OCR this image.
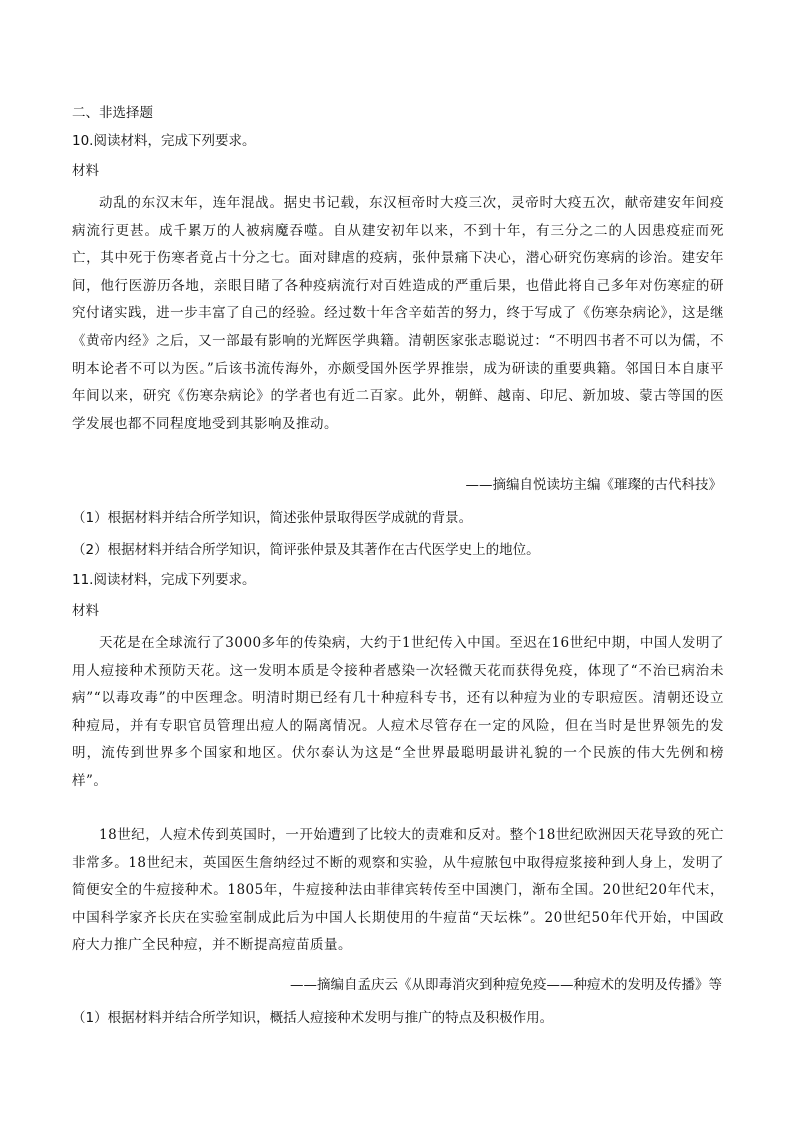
二、非选择题
10.阅读材料，完成下列要求。
材料
动乱的东汉末年，连年混战。据史书记载，东汉桓帝时大疫三次，灵帝时大疫五次，献帝建安年间疫病流行更甚。成千累万的人被病魔吞噬。自从建安初年以来，不到十年，有三分之二的人因患疫症而死亡，其中死于伤寒者竟占十分之七。面对肆虐的疫病，张仲景痛下决心，潜心研究伤寒病的诊治。建安年间，他行医游历各地，亲眼目睹了各种疫病流行对百姓造成的严重后果，也借此将自己多年对伤寒症的研究付诸实践，进一步丰富了自己的经验。经过数十年含辛茹苦的努力，终于写成了《伤寒杂病论》，这是继《黄帝内经》之后，又一部最有影响的光辉医学典籍。清朝医家张志聪说过：“不明四书者不可以为儒，不明本论者不可以为医。”后该书流传海外，亦颇受国外医学界推崇，成为研读的重要典籍。邻国日本自康平年间以来，研究《伤寒杂病论》的学者也有近二百家。此外，朝鲜、越南、印尼、新加坡、蒙古等国的医学发展也都不同程度地受到其影响及推动。
——摘编自悦读坊主编《璀璨的古代科技》
（1）根据材料并结合所学知识，简述张仲景取得医学成就的背景。
（2）根据材料并结合所学知识，简评张仲景及其著作在古代医学史上的地位。
11.阅读材料，完成下列要求。
材料
天花是在全球流行了3000多年的传染病，大约于1世纪传入中国。至迟在16世纪中期，中国人发明了用人痘接种术预防天花。这一发明本质是令接种者感染一次轻微天花而获得免疫，体现了“不治已病治未病”“以毒攻毒”的中医理念。明清时期已经有几十种痘科专书，还有以种痘为业的专职痘医。清朝还设立种痘局，并有专职官员管理出痘人的隔离情况。人痘术尽管存在一定的风险，但在当时是世界领先的发明，流传到世界多个国家和地区。伏尔泰认为这是“全世界最聪明最讲礼貌的一个民族的伟大先例和榜样”。
18世纪，人痘术传到英国时，一开始遭到了比较大的责难和反对。整个18世纪欧洲因天花导致的死亡非常多。18世纪末，英国医生詹纳经过不断的观察和实验，从牛痘脓包中取得痘浆接种到人身上，发明了简便安全的牛痘接种术。1805年，牛痘接种法由菲律宾转传至中国澳门，渐布全国。20世纪20年代末，中国科学家齐长庆在实验室制成此后为中国人长期使用的牛痘苗“天坛株”。20世纪50年代开始，中国政府大力推广全民种痘，并不断提高痘苗质量。
——摘编自孟庆云《从即毒消灾到种痘免疫——种痘术的发明及传播》等
（1）根据材料并结合所学知识，概括人痘接种术发明与推广的特点及积极作用。
